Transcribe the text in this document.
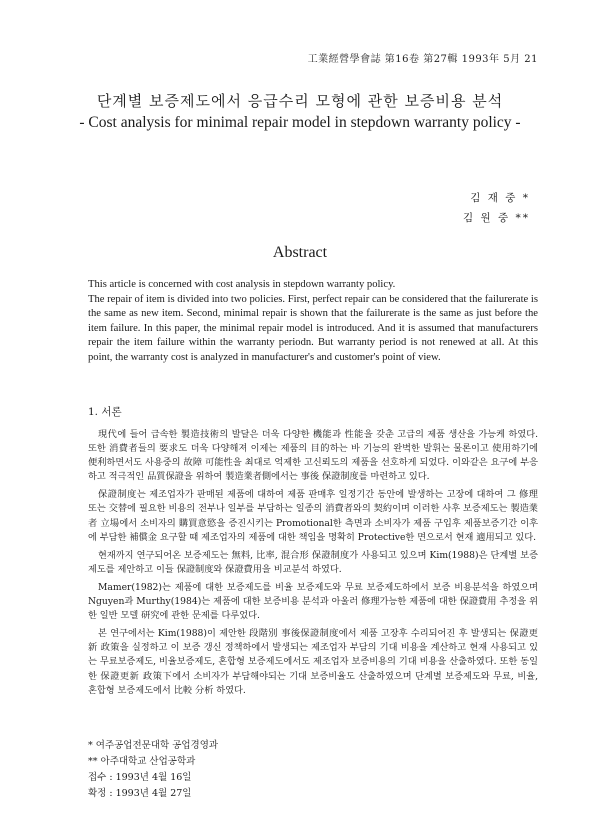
工業經營學會誌 第16卷 第27輯 1993年 5月 21
단계별 보증제도에서 응급수리 모형에 관한 보증비용 분석
- Cost analysis for minimal repair model in stepdown warranty policy -
김 재 중 *
김 원 중 **
Abstract

This article is concerned with cost analysis in stepdown warranty policy.

The repair of item is divided into two policies. First, perfect repair can be considered that the failurerate is the same as new item. Second, minimal repair is shown that the failurerate is the same as just before the item failure. In this paper, the minimal repair model is introduced. And it is assumed that manufacturers repair the item failure within the warranty periodn. But warranty period is not renewed at all. At this point, the warranty cost is analyzed in manufacturer's and customer's point of view.

1. 서론

現代에 들어 급속한 製造技術의 발달은 더욱 다양한 機能과 性能을 갖춘 고급의 제품 생산을 가능케 하였다. 또한 消費者들의 要求도 더욱 다양해져 이제는 제품의 目的하는 바 기능의 완벽한 발휘는 물론이고 使用하기에 便利하면서도 사용중의 故障 可能性을 최대로 억제한 고신뢰도의 제품을 선호하게 되었다. 이와같은 요구에 부응하고 적극적인 品質保證을 위하여 製造業者側에서는 事後 保證制度를 마련하고 있다.

保證制度는 제조업자가 판매된 제품에 대하여 제품 판매후 일정기간 동안에 발생하는 고장에 대하여 그 修理 또는 交替에 필요한 비용의 전부나 일부를 부담하는 일종의 消費者와의 契約이며 이러한 사후 보증제도는 製造業者 立場에서 소비자의 購買意慾을 증진시키는 Promotional한 측면과 소비자가 제품 구입후 제품보증기간 이후에 부담한 補償金 요구할 때 제조업자의 제품에 대한 책임을 명확히 Protective한 면으로서 현재 適用되고 있다.

현재까지 연구되어온 보증제도는 無料, 比率, 混合形 保證制度가 사용되고 있으며 Kim(1988)은 단계별 보증제도를 제안하고 이들 保證制度와 保證費用을 비교분석 하였다.

Mamer(1982)는 제품에 대한 보증제도를 비율 보증제도와 무료 보증제도하에서 보증 비용분석을 하였으며 Nguyen과 Murthy(1984)는 제품에 대한 보증비용 분석과 아울러 修理가능한 제품에 대한 保證費用 추정을 위한 일반 모델 研究에 관한 문제를 다루었다.

본 연구에서는 Kim(1988)이 제안한 段階別 事後保證制度에서 제품 고장후 수리되어진 후 발생되는 保證更新 政策을 실정하고 이 보증 갱신 정책하에서 발생되는 제조업자 부담의 기대 비용을 계산하고 현재 사용되고 있는 무료보증제도, 비율보증제도, 혼합형 보증제도에서도 제조업자 보증비용의 기대 비용을 산출하였다. 또한 동일한 保證更新 政策下에서 소비자가 부담해야되는 기대 보증비율도 산출하였으며 단계별 보증제도와 무료, 비율, 혼합형 보증제도에서 比較 分析 하였다.

* 여주공업전문대학 공업경영과
** 아주대학교 산업공학과
접수 : 1993년 4월 16일
확정 : 1993년 4월 27일
